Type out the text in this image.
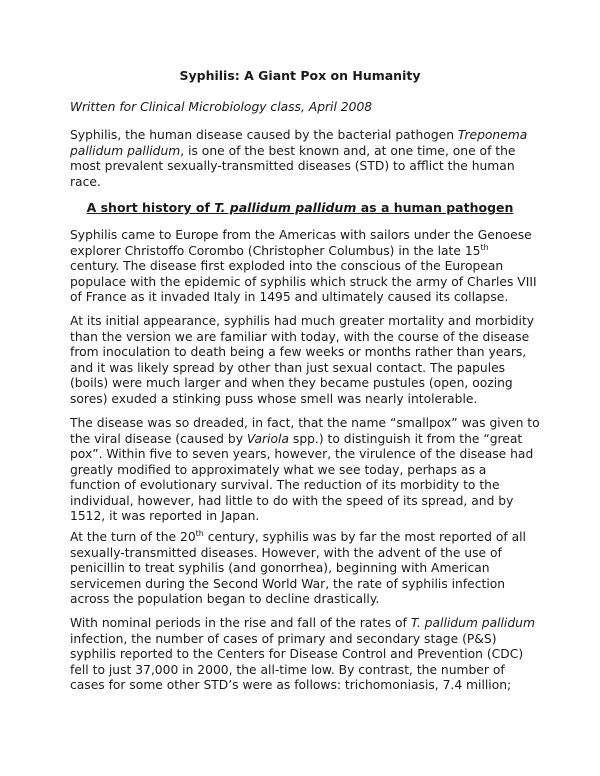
Syphilis: A Giant Pox on Humanity
Written for Clinical Microbiology class, April 2008

Syphilis, the human disease caused by the bacterial pathogen Treponema pallidum pallidum, is one of the best known and, at one time, one of the most prevalent sexually-transmitted diseases (STD) to afflict the human race.

A short history of T. pallidum pallidum as a human pathogen

Syphilis came to Europe from the Americas with sailors under the Genoese explorer Christoffo Corombo (Christopher Columbus) in the late 15th century. The disease first exploded into the conscious of the European populace with the epidemic of syphilis which struck the army of Charles VIII of France as it invaded Italy in 1495 and ultimately caused its collapse.

At its initial appearance, syphilis had much greater mortality and morbidity than the version we are familiar with today, with the course of the disease from inoculation to death being a few weeks or months rather than years, and it was likely spread by other than just sexual contact. The papules (boils) were much larger and when they became pustules (open, oozing sores) exuded a stinking puss whose smell was nearly intolerable.

The disease was so dreaded, in fact, that the name “smallpox” was given to the viral disease (caused by Variola spp.) to distinguish it from the “great pox”. Within five to seven years, however, the virulence of the disease had greatly modified to approximately what we see today, perhaps as a function of evolutionary survival. The reduction of its morbidity to the individual, however, had little to do with the speed of its spread, and by 1512, it was reported in Japan.

At the turn of the 20th century, syphilis was by far the most reported of all sexually-transmitted diseases. However, with the advent of the use of penicillin to treat syphilis (and gonorrhea), beginning with American servicemen during the Second World War, the rate of syphilis infection across the population began to decline drastically.

With nominal periods in the rise and fall of the rates of T. pallidum pallidum infection, the number of cases of primary and secondary stage (P&S) syphilis reported to the Centers for Disease Control and Prevention (CDC) fell to just 37,000 in 2000, the all-time low. By contrast, the number of cases for some other STD’s were as follows: trichomoniasis, 7.4 million;
